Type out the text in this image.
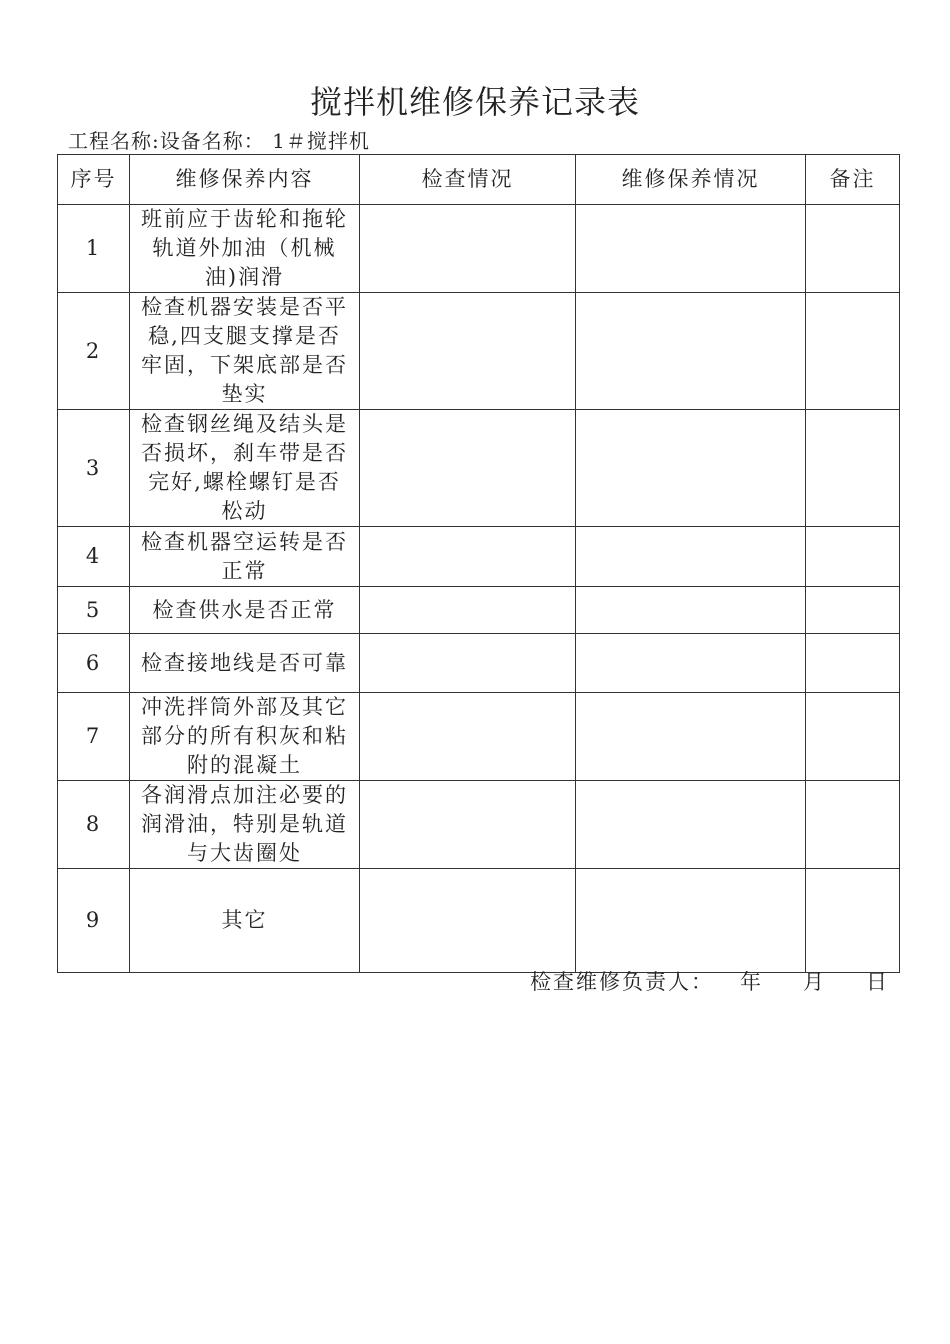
搅拌机维修保养记录表
工程名称:设备名称： 1＃搅拌机
序号	维修保养内容	检查情况	维修保养情况	备注
1	班前应于齿轮和拖轮轨道外加油（机械油)润滑			
2	检查机器安装是否平稳,四支腿支撑是否牢固，下架底部是否垫实			
3	检查钢丝绳及结头是否损坏，刹车带是否完好,螺栓螺钉是否松动			
4	检查机器空运转是否正常			
5	检查供水是否正常			
6	检查接地线是否可靠			
7	冲洗拌筒外部及其它部分的所有积灰和粘附的混凝土			
8	各润滑点加注必要的润滑油，特别是轨道与大齿圈处			
9	其它			
检查维修负责人： 年 月 日
